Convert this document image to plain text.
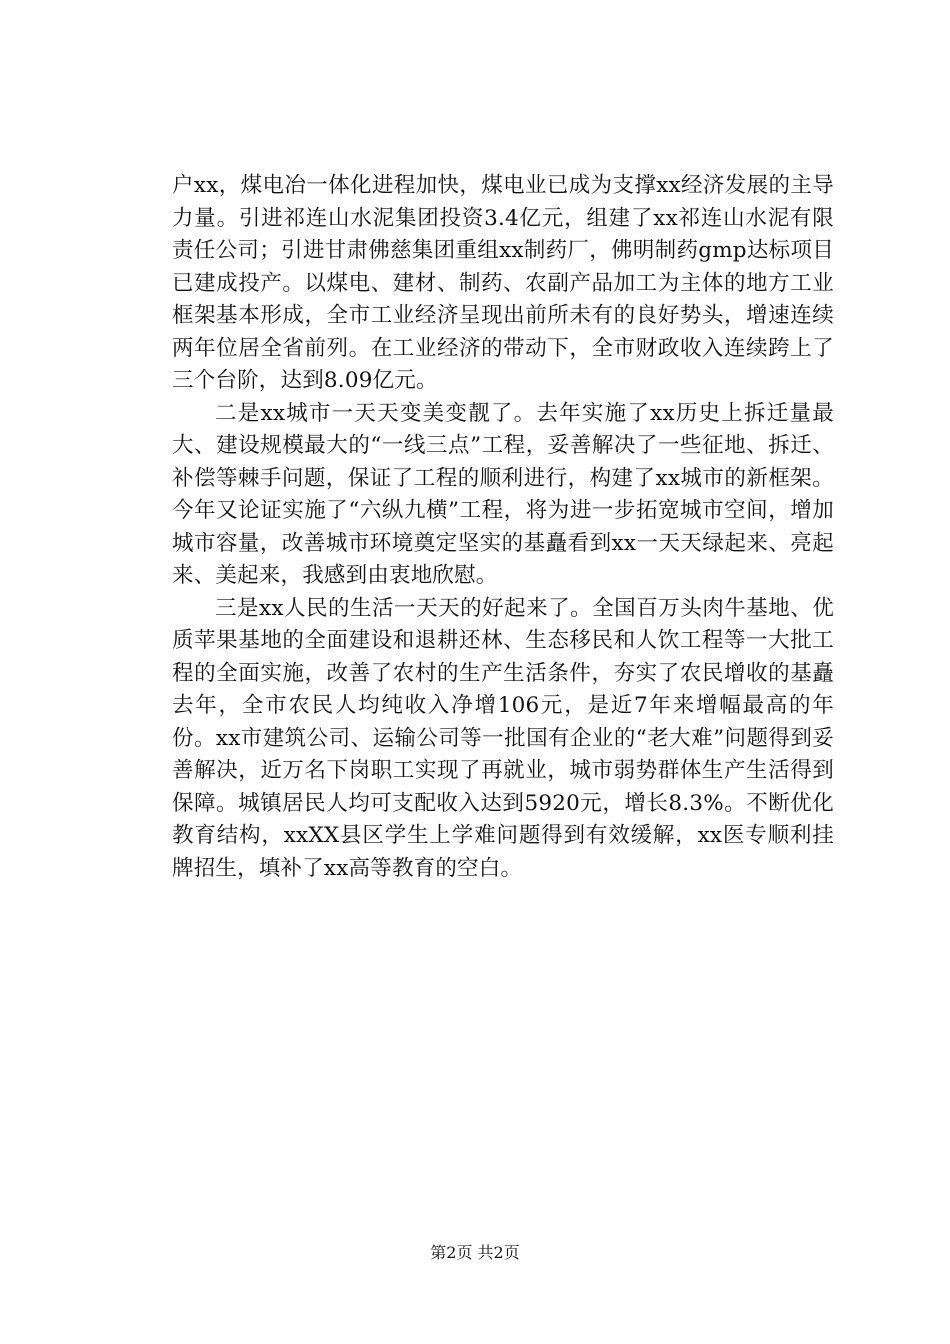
户xx，煤电冶一体化进程加快，煤电业已成为支撑xx经济发展的主导力量。引进祁连山水泥集团投资3.4亿元，组建了xx祁连山水泥有限责任公司；引进甘肃佛慈集团重组xx制药厂，佛明制药gmp达标项目已建成投产。以煤电、建材、制药、农副产品加工为主体的地方工业框架基本形成，全市工业经济呈现出前所未有的良好势头，增速连续两年位居全省前列。在工业经济的带动下，全市财政收入连续跨上了三个台阶，达到8.09亿元。

二是xx城市一天天变美变靓了。去年实施了xx历史上拆迁量最大、建设规模最大的“一线三点”工程，妥善解决了一些征地、拆迁、补偿等棘手问题，保证了工程的顺利进行，构建了xx城市的新框架。今年又论证实施了“六纵九横”工程，将为进一步拓宽城市空间，增加城市容量，改善城市环境奠定坚实的基矗看到xx一天天绿起来、亮起来、美起来，我感到由衷地欣慰。

三是xx人民的生活一天天的好起来了。全国百万头肉牛基地、优质苹果基地的全面建设和退耕还林、生态移民和人饮工程等一大批工程的全面实施，改善了农村的生产生活条件，夯实了农民增收的基矗去年，全市农民人均纯收入净增106元，是近7年来增幅最高的年份。xx市建筑公司、运输公司等一批国有企业的“老大难”问题得到妥善解决，近万名下岗职工实现了再就业，城市弱势群体生产生活得到保障。城镇居民人均可支配收入达到5920元，增长8.3%。不断优化教育结构，xxXX县区学生上学难问题得到有效缓解，xx医专顺利挂牌招生，填补了xx高等教育的空白。

第2页 共2页
